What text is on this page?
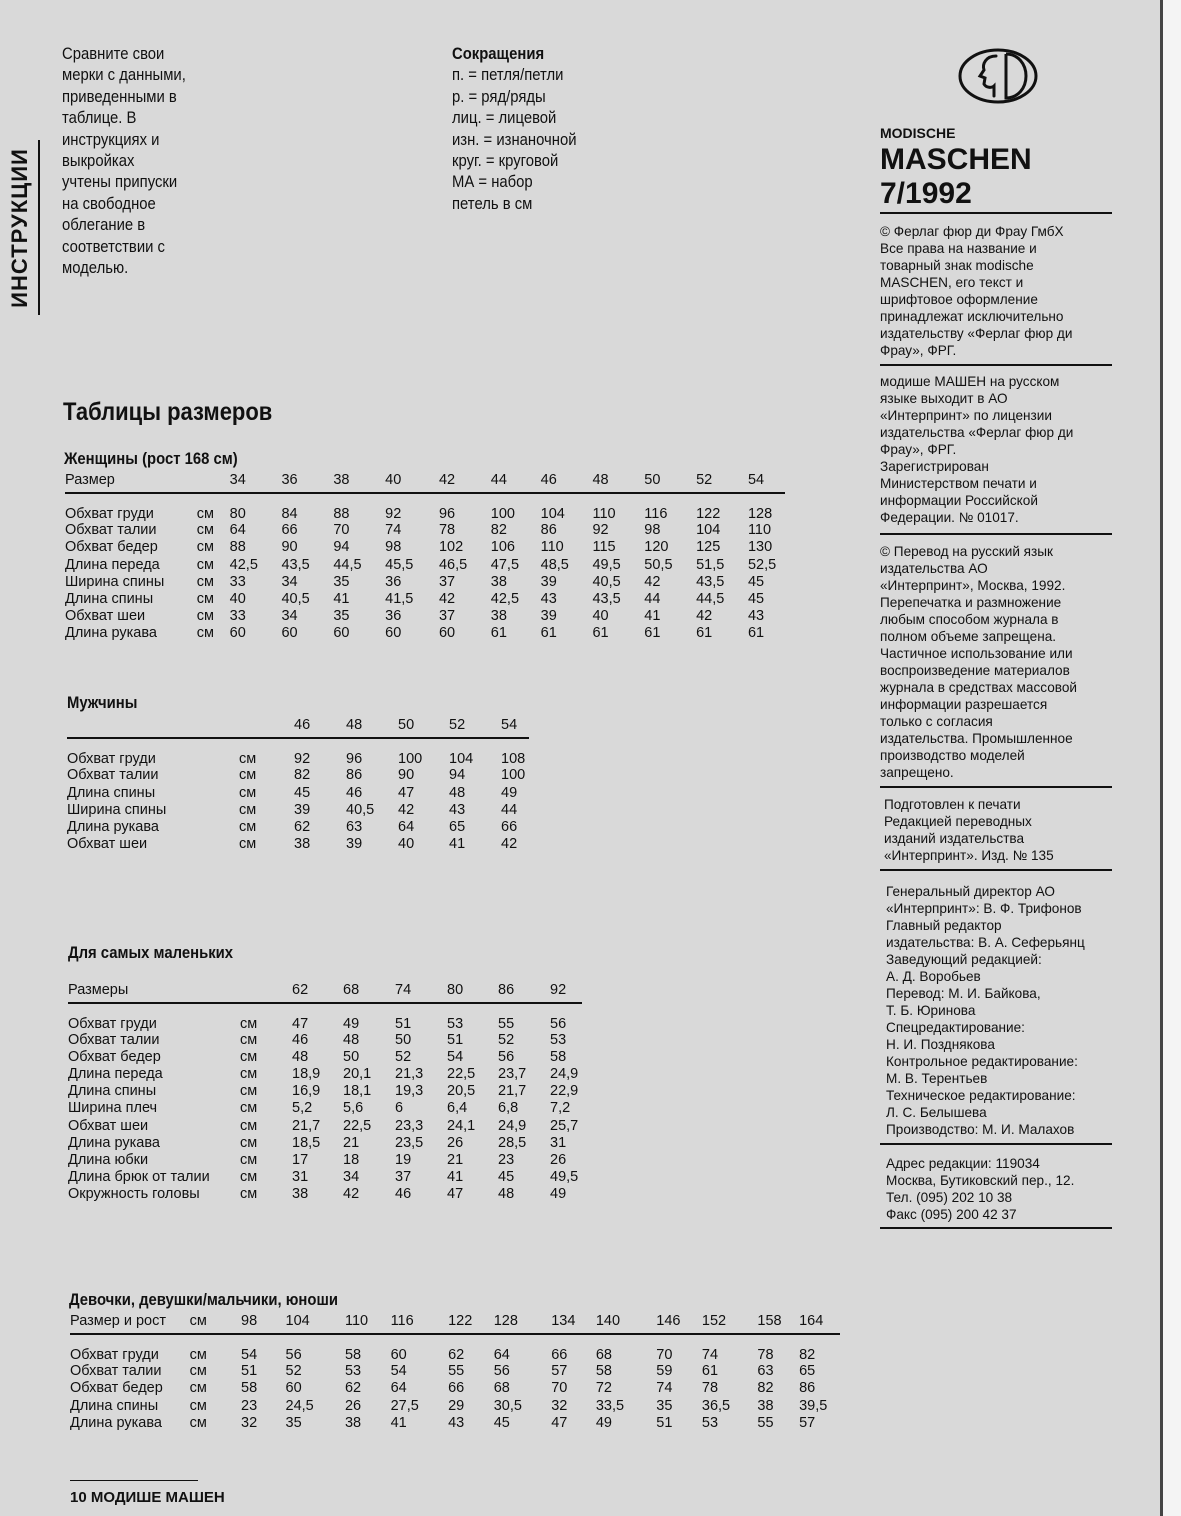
ИНСТРУКЦИИ
Сравните свои
мерки с данными,
приведенными в
таблице. В
инструкциях и
выкройках
учтены припуски
на свободное
облегание в
соответствии с
моделью.
Сокращения
п. = петля/петли
р. = ряд/ряды
лиц. = лицевой
изн. = изнаночной
круг. = круговой
МА = набор
петель в см
Таблицы размеров
Женщины (рост 168 см)
Размер		34	36	38	40	42	44	46	48	50	52	54
Обхват груди	см	80	84	88	92	96	100	104	110	116	122	128
Обхват талии	см	64	66	70	74	78	82	86	92	98	104	110
Обхват бедер	см	88	90	94	98	102	106	110	115	120	125	130
Длина переда	см	42,5	43,5	44,5	45,5	46,5	47,5	48,5	49,5	50,5	51,5	52,5
Ширина спины	см	33	34	35	36	37	38	39	40,5	42	43,5	45
Длина спины	см	40	40,5	41	41,5	42	42,5	43	43,5	44	44,5	45
Обхват шеи	см	33	34	35	36	37	38	39	40	41	42	43
Длина рукава	см	60	60	60	60	60	61	61	61	61	61	61
Мужчины
		46	48	50	52	54
Обхват груди	см	92	96	100	104	108
Обхват талии	см	82	86	90	94	100
Длина спины	см	45	46	47	48	49
Ширина спины	см	39	40,5	42	43	44
Длина рукава	см	62	63	64	65	66
Обхват шеи	см	38	39	40	41	42
Для самых маленьких
Размеры		62	68	74	80	86	92
Обхват груди	см	47	49	51	53	55	56
Обхват талии	см	46	48	50	51	52	53
Обхват бедер	см	48	50	52	54	56	58
Длина переда	см	18,9	20,1	21,3	22,5	23,7	24,9
Длина спины	см	16,9	18,1	19,3	20,5	21,7	22,9
Ширина плеч	см	5,2	5,6	6	6,4	6,8	7,2
Обхват шеи	см	21,7	22,5	23,3	24,1	24,9	25,7
Длина рукава	см	18,5	21	23,5	26	28,5	31
Длина юбки	см	17	18	19	21	23	26
Длина брюк от талии	см	31	34	37	41	45	49,5
Окружность головы	см	38	42	46	47	48	49
Девочки, девушки/мальчики, юноши
Размер и рост	см	98	104	110	116	122	128	134	140	146	152	158	164
Обхват груди	см	54	56	58	60	62	64	66	68	70	74	78	82
Обхват талии	см	51	52	53	54	55	56	57	58	59	61	63	65
Обхват бедер	см	58	60	62	64	66	68	70	72	74	78	82	86
Длина спины	см	23	24,5	26	27,5	29	30,5	32	33,5	35	36,5	38	39,5
Длина рукава	см	32	35	38	41	43	45	47	49	51	53	55	57
10 МОДИШЕ МАШЕН
MODISCHE
MASCHEN
7/1992
© Ферлаг фюр ди Фрау ГмбХ
Все права на название и
товарный знак modische
MASCHEN, его текст и
шрифтовое оформление
принадлежат исключительно
издательству «Ферлаг фюр ди
Фрау», ФРГ.
модише МАШЕН на русском
языке выходит в АО
«Интерпринт» по лицензии
издательства «Ферлаг фюр ди
Фрау», ФРГ.
Зарегистрирован
Министерством печати и
информации Российской
Федерации. № 01017.
© Перевод на русский язык
издательства АО
«Интерпринт», Москва, 1992.
Перепечатка и размножение
любым способом журнала в
полном объеме запрещена.
Частичное использование или
воспроизведение материалов
журнала в средствах массовой
информации разрешается
только с согласия
издательства. Промышленное
производство моделей
запрещено.
Подготовлен к печати
Редакцией переводных
изданий издательства
«Интерпринт». Изд. № 135
Генеральный директор АО
«Интерпринт»: В. Ф. Трифонов
Главный редактор
издательства: В. А. Сеферьянц
Заведующий редакцией:
А. Д. Воробьев
Перевод: М. И. Байкова,
Т. Б. Юринова
Спецредактирование:
Н. И. Позднякова
Контрольное редактирование:
М. В. Терентьев
Техническое редактирование:
Л. С. Белышева
Производство: М. И. Малахов
Адрес редакции: 119034
Москва, Бутиковский пер., 12.
Тел. (095) 202 10 38
Факс (095) 200 42 37
